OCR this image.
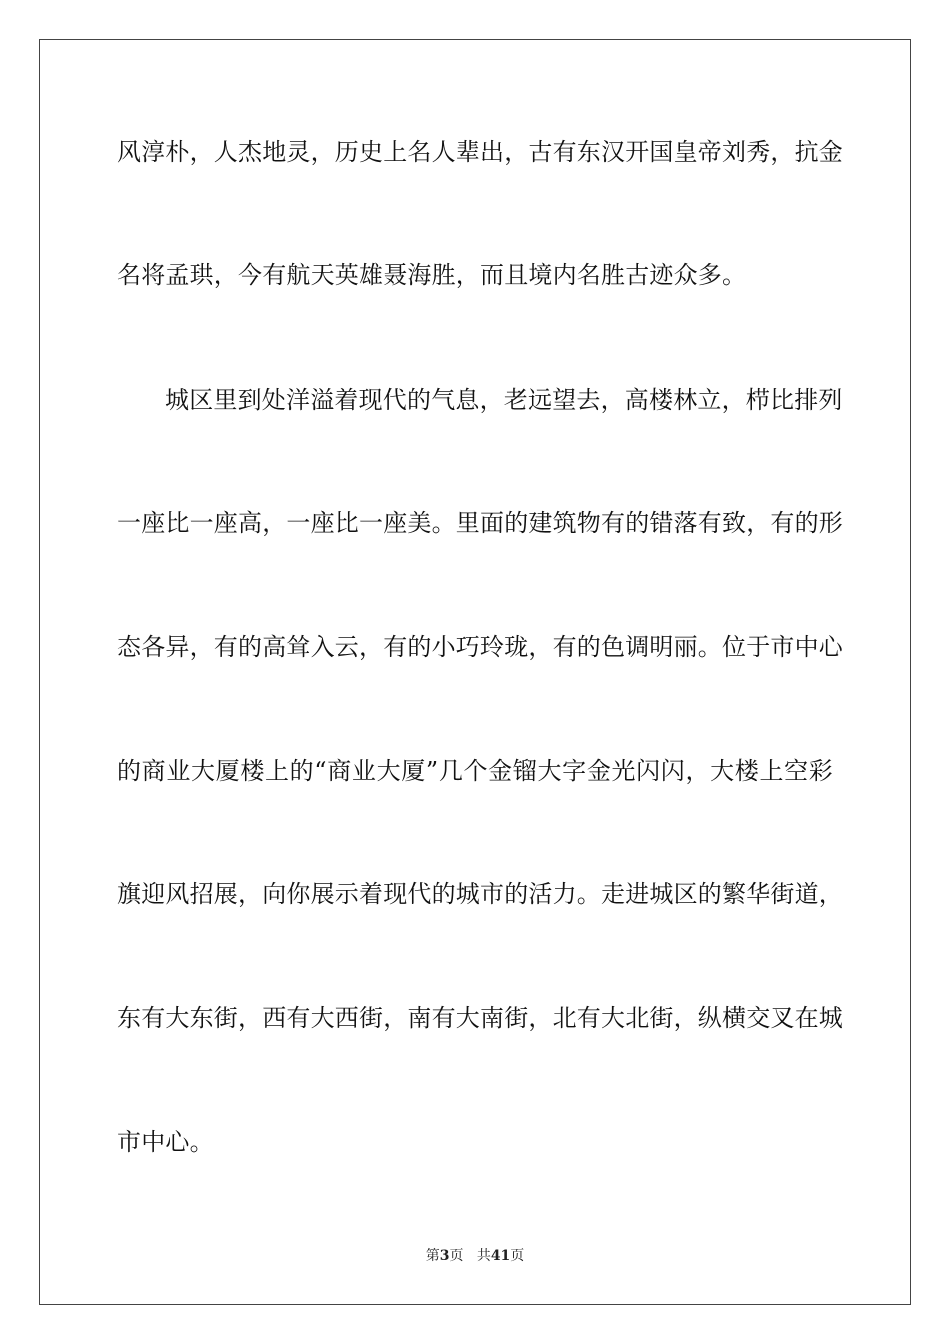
风淳朴，人杰地灵，历史上名人辈出，古有东汉开国皇帝刘秀，抗金
名将孟珙，今有航天英雄聂海胜，而且境内名胜古迹众多。
城区里到处洋溢着现代的气息，老远望去，高楼林立，栉比排列
一座比一座高，一座比一座美。里面的建筑物有的错落有致，有的形
态各异，有的高耸入云，有的小巧玲珑，有的色调明丽。位于市中心
的商业大厦楼上的“商业大厦”几个金镏大字金光闪闪，大楼上空彩
旗迎风招展，向你展示着现代的城市的活力。走进城区的繁华街道，
东有大东街，西有大西街，南有大南街，北有大北街，纵横交叉在城
市中心。
第3页 共41页
